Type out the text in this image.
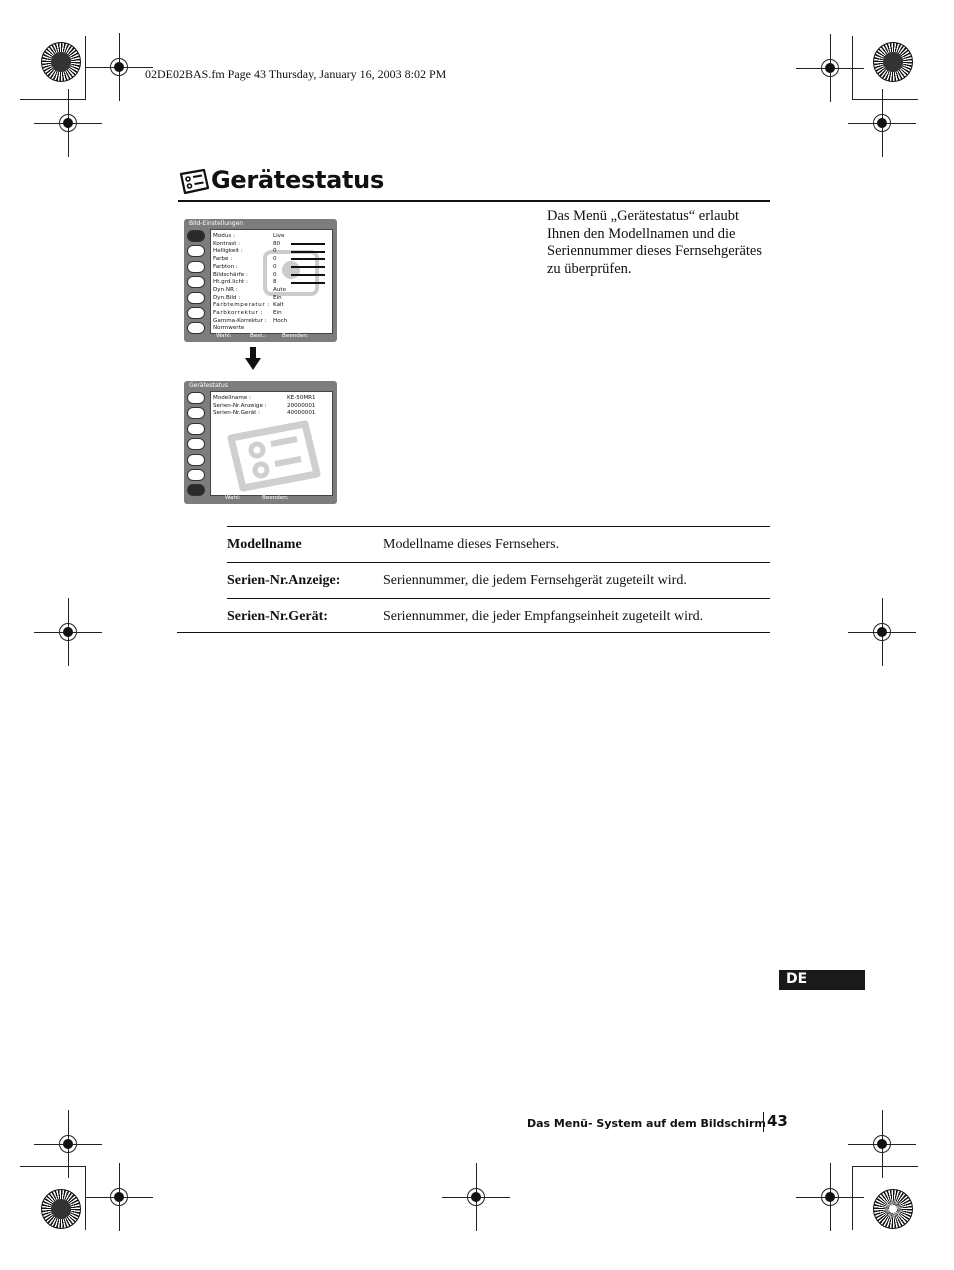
02DE02BAS.fm Page 43 Thursday, January 16, 2003 8:02 PM
Gerätestatus
Das Menü „Gerätestatus“ erlaubt Ihnen den Modellnamen und die Seriennummer dieses Fernsehgerätes zu überprüfen.
Bild-Einstellungen
Modus :	Live
Kontrast :	80
Helligkeit :	0
Farbe :	0
Farbton :	0
Bildschärfe :	0
Ht.grd.licht :	8
Dyn.NR :	Auto
Dyn.Bild :	Ein
Farbtemperatur : Kalt
Farbkorrektur : Ein
Gamma-Korrektur : Hoch
Normwerte
Wahl:	Best.:	Beenden:
Gerätestatus
Modellname :	KE-50MR1
Serien-Nr.Anzeige :	20000001
Serien-Nr.Gerät :	40000001
Wahl:	Beenden:
Modellname	Modellname dieses Fernsehers.
Serien-Nr.Anzeige:	Seriennummer, die jedem Fernsehgerät zugeteilt wird.
Serien-Nr.Gerät:	Seriennummer, die jeder Empfangseinheit zugeteilt wird.
DE
Das Menü- System auf dem Bildschirm 43
